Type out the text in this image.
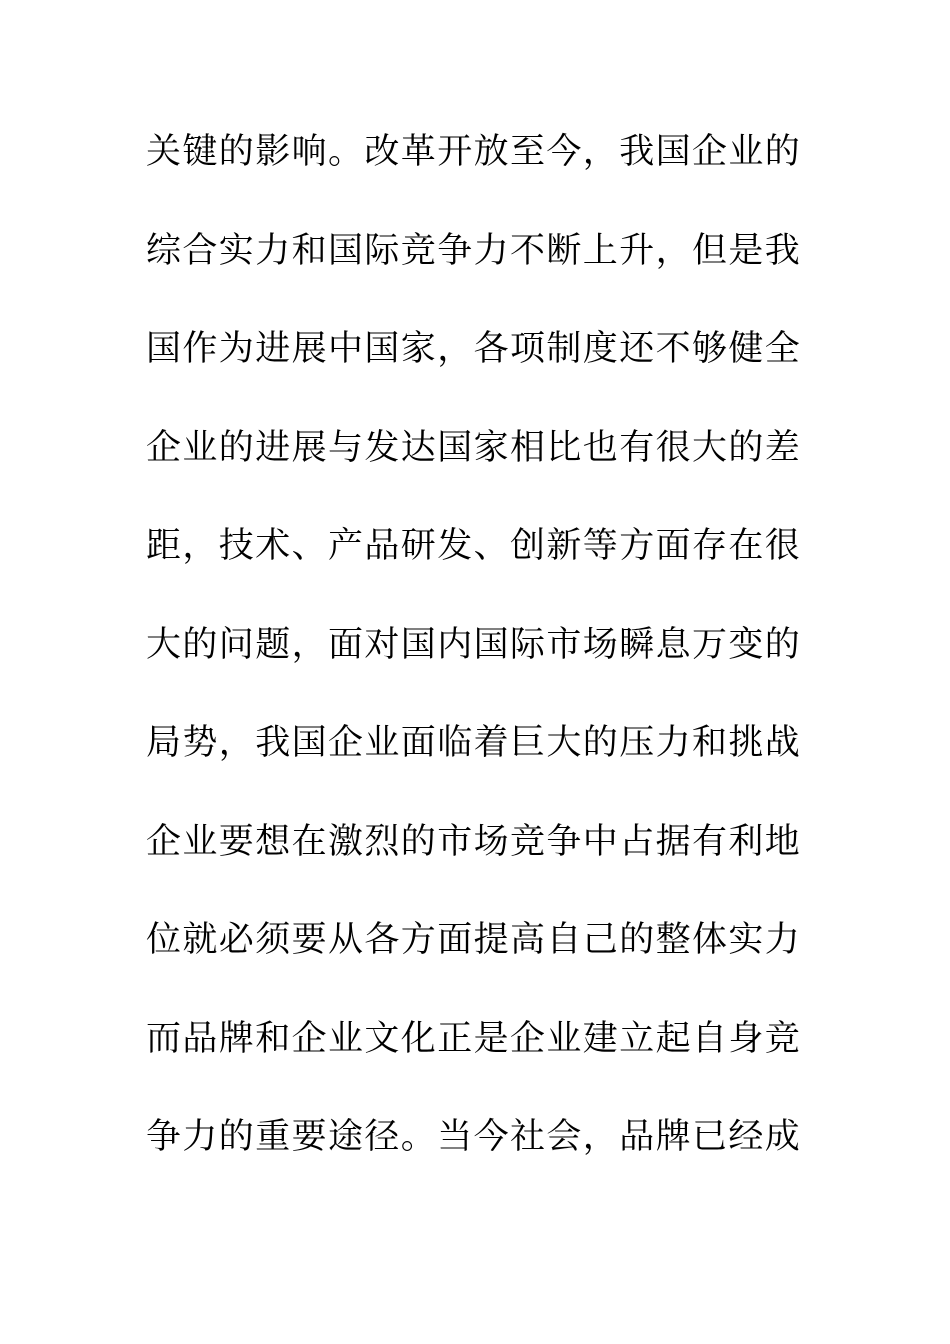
关键的影响。改革开放至今，我国企业的
综合实力和国际竞争力不断上升，但是我
国作为进展中国家，各项制度还不够健全
企业的进展与发达国家相比也有很大的差
距，技术、产品研发、创新等方面存在很
大的问题，面对国内国际市场瞬息万变的
局势，我国企业面临着巨大的压力和挑战
企业要想在激烈的市场竞争中占据有利地
位就必须要从各方面提高自己的整体实力
而品牌和企业文化正是企业建立起自身竞
争力的重要途径。当今社会，品牌已经成
